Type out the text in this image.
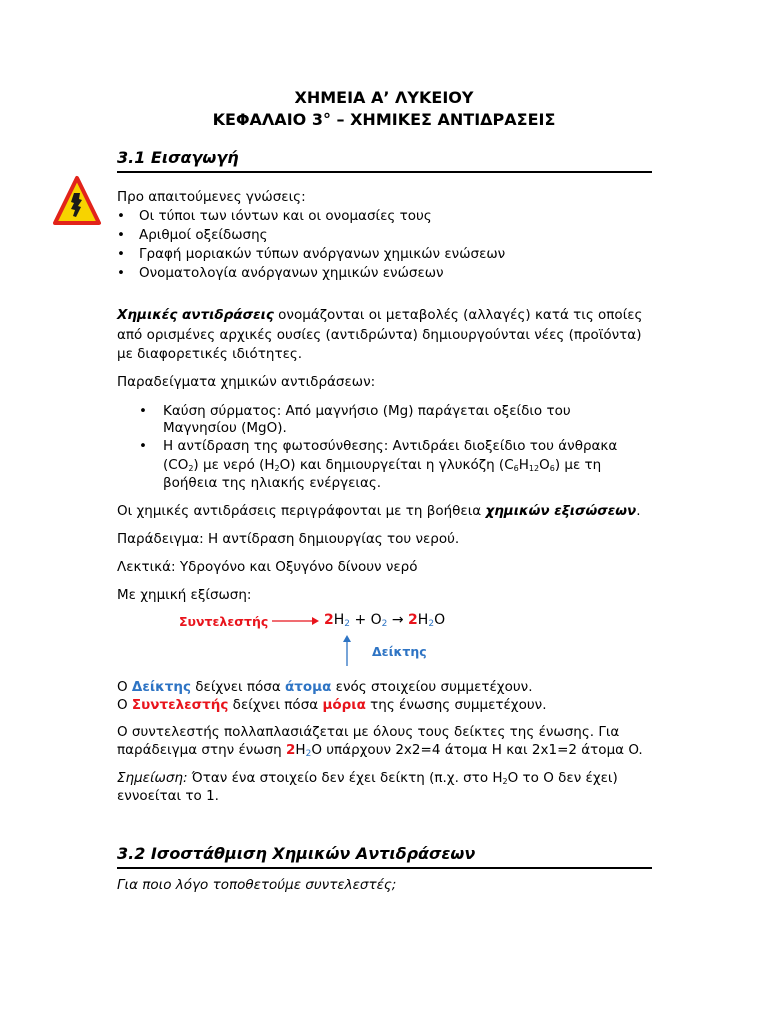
ΧΗΜΕΙΑ Α’ ΛΥΚΕΙΟΥ
ΚΕΦΑΛΑΙΟ 3° – ΧΗΜΙΚΕΣ ΑΝΤΙΔΡΑΣΕΙΣ
3.1 Εισαγωγή
Προ απαιτούμενες γνώσεις:
• Οι τύποι των ιόντων και οι ονομασίες τους
• Αριθμοί οξείδωσης
• Γραφή μοριακών τύπων ανόργανων χημικών ενώσεων
• Ονοματολογία ανόργανων χημικών ενώσεων
Χημικές αντιδράσεις ονομάζονται οι μεταβολές (αλλαγές) κατά τις οποίες
από ορισμένες αρχικές ουσίες (αντιδρώντα) δημιουργούνται νέες (προϊόντα)
με διαφορετικές ιδιότητες.
Παραδείγματα χημικών αντιδράσεων:
• Καύση σύρματος: Από μαγνήσιο (Mg) παράγεται οξείδιο του
Μαγνησίου (MgO).
• Η αντίδραση της φωτοσύνθεσης: Αντιδράει διοξείδιο του άνθρακα
$(CO_2)$ με νερό $(H_2O)$ και δημιουργείται η γλυκόζη $(C_6H_{12}O_6)$ με τη
βοήθεια της ηλιακής ενέργειας.
Οι χημικές αντιδράσεις περιγράφονται με τη βοήθεια χημικών εξισώσεων.
Παράδειγμα: Η αντίδραση δημιουργίας του νερού.
Λεκτικά: Υδρογόνο και Οξυγόνο δίνουν νερό
Με χημική εξίσωση:
Συντελεστής	2H2 + O2 → 2H2O
Δείκτης
Ο Δείκτης δείχνει πόσα άτομα ενός στοιχείου συμμετέχουν.
Ο Συντελεστής δείχνει πόσα μόρια της ένωσης συμμετέχουν.
Ο συντελεστής πολλαπλασιάζεται με όλους τους δείκτες της ένωσης. Για
παράδειγμα στην ένωση 2H2O υπάρχουν 2x2=4 άτομα H και 2x1=2 άτομα O.
Σημείωση: Όταν ένα στοιχείο δεν έχει δείκτη (π.χ. στο $H_2O$ το O δεν έχει)
εννοείται το 1.
3.2 Ισοστάθμιση Χημικών Αντιδράσεων
Για ποιο λόγο τοποθετούμε συντελεστές;
